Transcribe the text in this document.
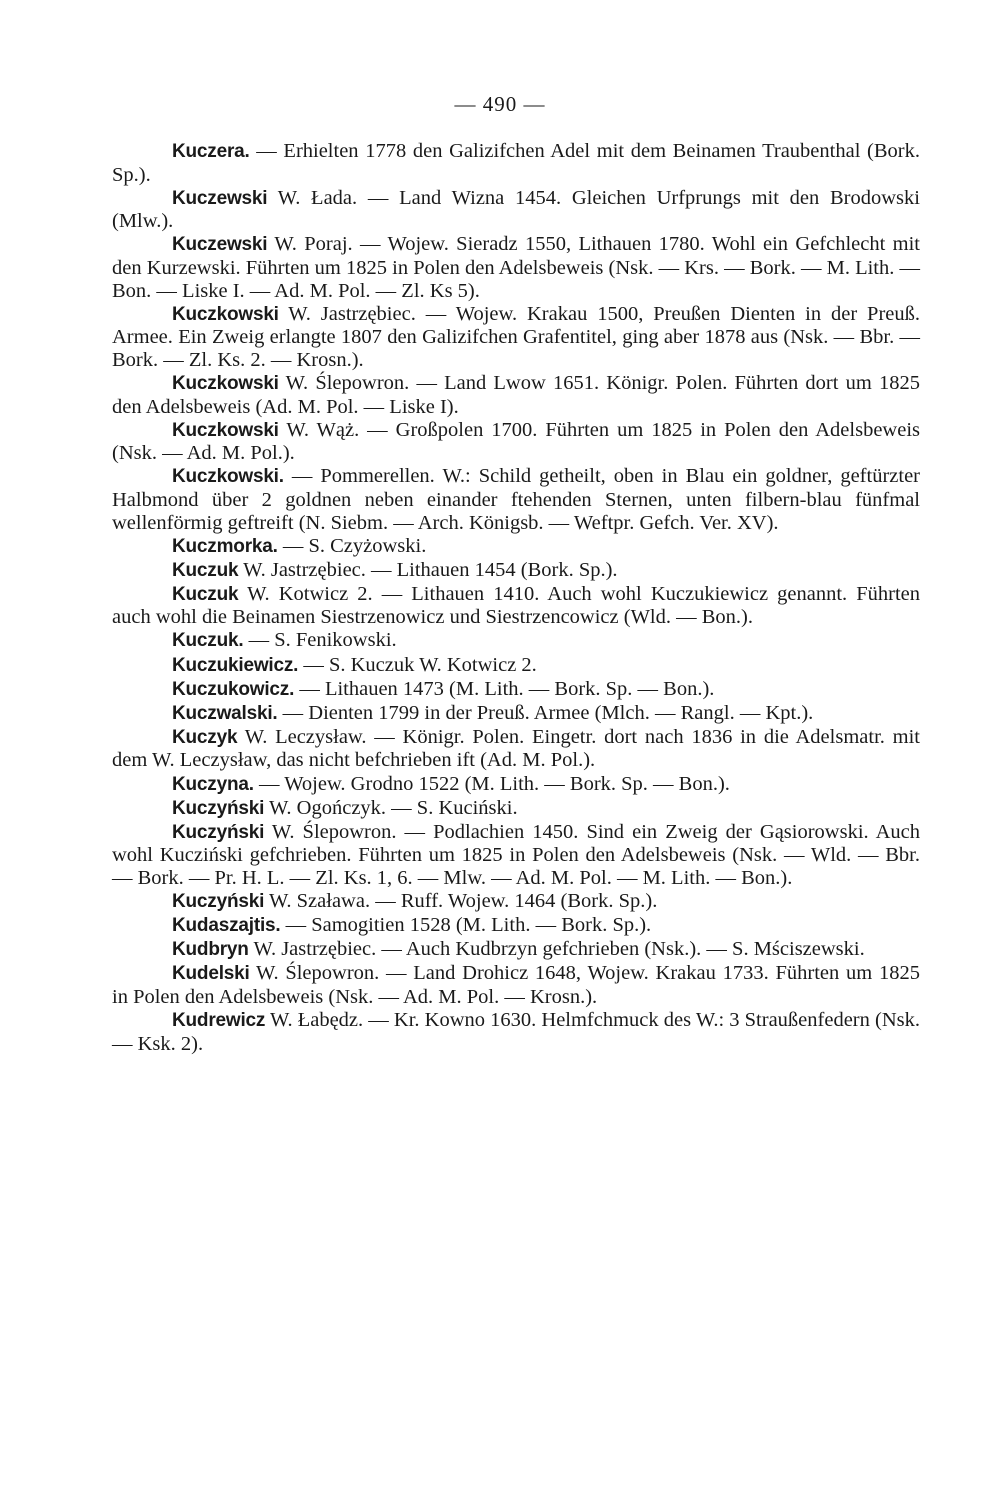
— 490 —

Kuczera. — Erhielten 1778 den Galizifchen Adel mit dem Beinamen Traubenthal (Bork. Sp.).

Kuczewski W. Łada. — Land Wizna 1454. Gleichen Urfprungs mit den Brodowski (Mlw.).

Kuczewski W. Poraj. — Wojew. Sieradz 1550, Lithauen 1780. Wohl ein Gefchlecht mit den Kurzewski. Führten um 1825 in Polen den Adelsbeweis (Nsk. — Krs. — Bork. — M. Lith. — Bon. — Liske I. — Ad. M. Pol. — Zl. Ks 5).

Kuczkowski W. Jastrzębiec. — Wojew. Krakau 1500, Preußen Dienten in der Preuß. Armee. Ein Zweig erlangte 1807 den Galizifchen Grafentitel, ging aber 1878 aus (Nsk. — Bbr. — Bork. — Zl. Ks. 2. — Krosn.).

Kuczkowski W. Ślepowron. — Land Lwow 1651. Königr. Polen. Führten dort um 1825 den Adelsbeweis (Ad. M. Pol. — Liske I).

Kuczkowski W. Wąż. — Großpolen 1700. Führten um 1825 in Polen den Adelsbeweis (Nsk. — Ad. M. Pol.).

Kuczkowski. — Pommerellen. W.: Schild getheilt, oben in Blau ein goldner, geftürzter Halbmond über 2 goldnen neben einander ftehenden Sternen, unten filbern-blau fünfmal wellenförmig geftreift (N. Siebm. — Arch. Königsb. — Weftpr. Gefch. Ver. XV).

Kuczmorka. — S. Czyżowski.

Kuczuk W. Jastrzębiec. — Lithauen 1454 (Bork. Sp.).

Kuczuk W. Kotwicz 2. — Lithauen 1410. Auch wohl Kuczukiewicz genannt. Führten auch wohl die Beinamen Siestrzenowicz und Siestrzencowicz (Wld. — Bon.).

Kuczuk. — S. Fenikowski.

Kuczukiewicz. — S. Kuczuk W. Kotwicz 2.

Kuczukowicz. — Lithauen 1473 (M. Lith. — Bork. Sp. — Bon.).

Kuczwalski. — Dienten 1799 in der Preuß. Armee (Mlch. — Rangl. — Kpt.).

Kuczyk W. Leczysław. — Königr. Polen. Eingetr. dort nach 1836 in die Adelsmatr. mit dem W. Leczysław, das nicht befchrieben ift (Ad. M. Pol.).

Kuczyna. — Wojew. Grodno 1522 (M. Lith. — Bork. Sp. — Bon.).

Kuczyński W. Ogończyk. — S. Kuciński.

Kuczyński W. Ślepowron. — Podlachien 1450. Sind ein Zweig der Gąsiorowski. Auch wohl Kucziński gefchrieben. Führten um 1825 in Polen den Adelsbeweis (Nsk. — Wld. — Bbr. — Bork. — Pr. H. L. — Zl. Ks. 1, 6. — Mlw. — Ad. M. Pol. — M. Lith. — Bon.).

Kuczyński W. Szaława. — Ruff. Wojew. 1464 (Bork. Sp.).

Kudaszajtis. — Samogitien 1528 (M. Lith. — Bork. Sp.).

Kudbryn W. Jastrzębiec. — Auch Kudbrzyn gefchrieben (Nsk.). — S. Mściszewski.

Kudelski W. Ślepowron. — Land Drohicz 1648, Wojew. Krakau 1733. Führten um 1825 in Polen den Adelsbeweis (Nsk. — Ad. M. Pol. — Krosn.).

Kudrewicz W. Łabędz. — Kr. Kowno 1630. Helmfchmuck des W.: 3 Straußenfedern (Nsk. — Ksk. 2).
